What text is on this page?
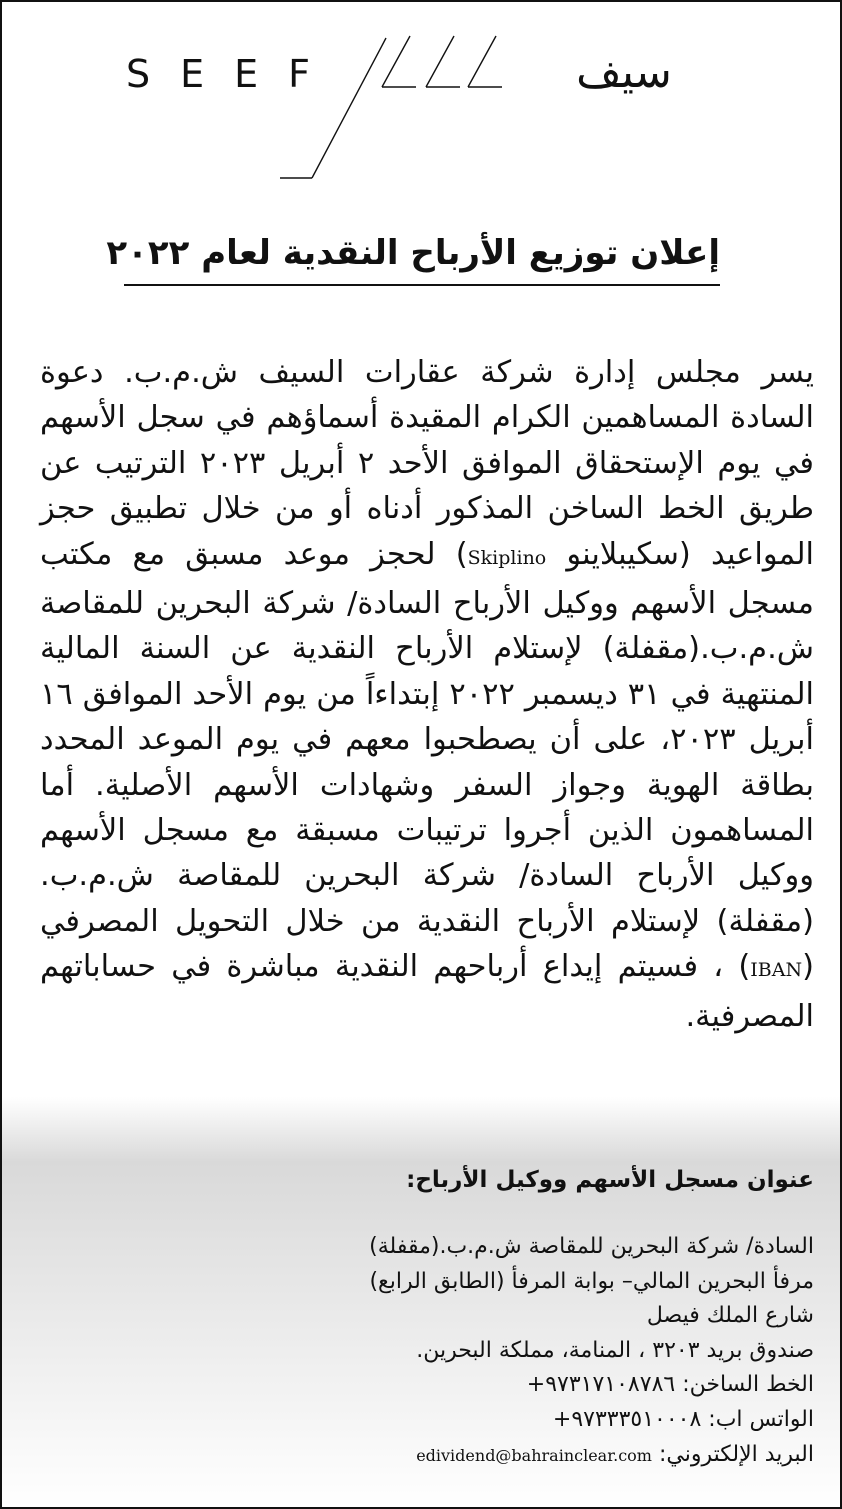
SEEF	سيف
إعلان توزيع الأرباح النقدية لعام ٢٠٢٢

يسر مجلس إدارة شركة عقارات السيف ش.م.ب. دعوة السادة المساهمين الكرام المقيدة أسماؤهم في سجل الأسهم في يوم الإستحقاق الموافق الأحد ٢ أبريل ٢٠٢٣ الترتيب عن طريق الخط الساخن المذكور أدناه أو من خلال تطبيق حجز المواعيد (سكيبلاينو Skiplino) لحجز موعد مسبق مع مكتب مسجل الأسهم ووكيل الأرباح السادة/ شركة البحرين للمقاصة ش.م.ب.(مقفلة) لإستلام الأرباح النقدية عن السنة المالية المنتهية في ٣١ ديسمبر ٢٠٢٢ إبتداءاً من يوم الأحد الموافق ١٦ أبريل ٢٠٢٣، على أن يصطحبوا معهم في يوم الموعد المحدد بطاقة الهوية وجواز السفر وشهادات الأسهم الأصلية. أما المساهمون الذين أجروا ترتيبات مسبقة مع مسجل الأسهم ووكيل الأرباح السادة/ شركة البحرين للمقاصة ش.م.ب.(مقفلة) لإستلام الأرباح النقدية من خلال التحويل المصرفي (IBAN) ، فسيتم إيداع أرباحهم النقدية مباشرة في حساباتهم المصرفية.

عنوان مسجل الأسهم ووكيل الأرباح:
السادة/ شركة البحرين للمقاصة ش.م.ب.(مقفلة)
مرفأ البحرين المالي– بوابة المرفأ (الطابق الرابع)
شارع الملك فيصل
صندوق بريد ٣٢٠٣ ، المنامة، مملكة البحرين.
الخط الساخن: ٩٧٣١٧١٠٨٧٨٦+
الواتس اب: ٩٧٣٣٣٥١٠٠٠٨+
البريد الإلكتروني: edividend@bahrainclear.com
